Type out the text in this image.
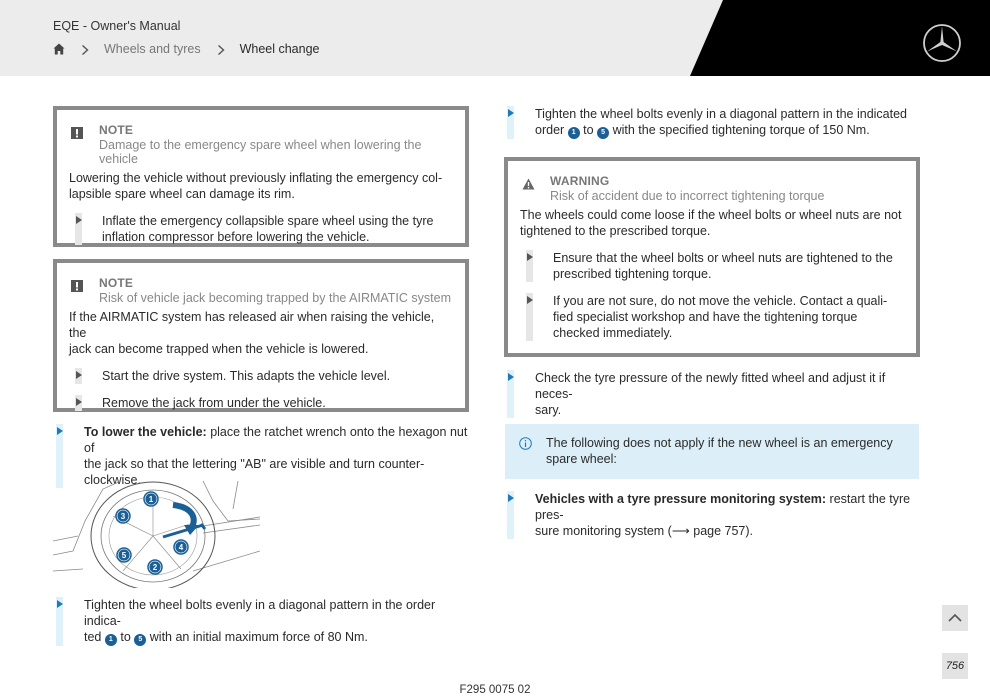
EQE - Owner's Manual
Wheels and tyres	Wheel change
NOTE
Damage to the emergency spare wheel when lowering the vehicle
Lowering the vehicle without previously inflating the emergency col-
lapsible spare wheel can damage its rim.
Inflate the emergency collapsible spare wheel using the tyre
inflation compressor before lowering the vehicle.
NOTE
Risk of vehicle jack becoming trapped by the AIRMATIC system
If the AIRMATIC system has released air when raising the vehicle, the
jack can become trapped when the vehicle is lowered.
Start the drive system. This adapts the vehicle level.
Remove the jack from under the vehicle.
To lower the vehicle: place the ratchet wrench onto the hexagon nut of
the jack so that the lettering "AB" are visible and turn counter-clockwise.
1
2
3
4
5
Tighten the wheel bolts evenly in a diagonal pattern in the order indica-
ted 1 to 5 with an initial maximum force of 80 Nm.
Tighten the wheel bolts evenly in a diagonal pattern in the indicated
order 1 to 5 with the specified tightening torque of 150 Nm.
WARNING
Risk of accident due to incorrect tightening torque
The wheels could come loose if the wheel bolts or wheel nuts are not
tightened to the prescribed torque.
Ensure that the wheel bolts or wheel nuts are tightened to the
prescribed tightening torque.
If you are not sure, do not move the vehicle. Contact a quali-
fied specialist workshop and have the tightening torque
checked immediately.
Check the tyre pressure of the newly fitted wheel and adjust it if neces-
sary.
The following does not apply if the new wheel is an emergency
spare wheel:
Vehicles with a tyre pressure monitoring system: restart the tyre pres-
sure monitoring system (⟶ page 757).
756
F295 0075 02
